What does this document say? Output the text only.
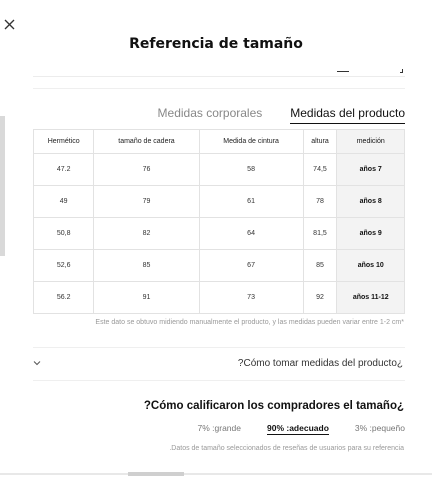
Referencia de tamaño
Medidas corporales Medidas del producto
Hermético	tamaño de cadera	Medida de cintura	altura	medición
47.2	76	58	74,5	años 7
49	79	61	78	años 8
50,8	82	64	81,5	años 9
52,6	85	67	85	años 10
56.2	91	73	92	años 11-12
Este dato se obtuvo midiendo manualmente el producto, y las medidas pueden variar entre 1-2 cm*
?Cómo tomar medidas del producto¿
?Cómo calificaron los compradores el tamaño¿
7% :grande	90% :adecuado	3% :pequeño
.Datos de tamaño seleccionados de reseñas de usuarios para su referencia
